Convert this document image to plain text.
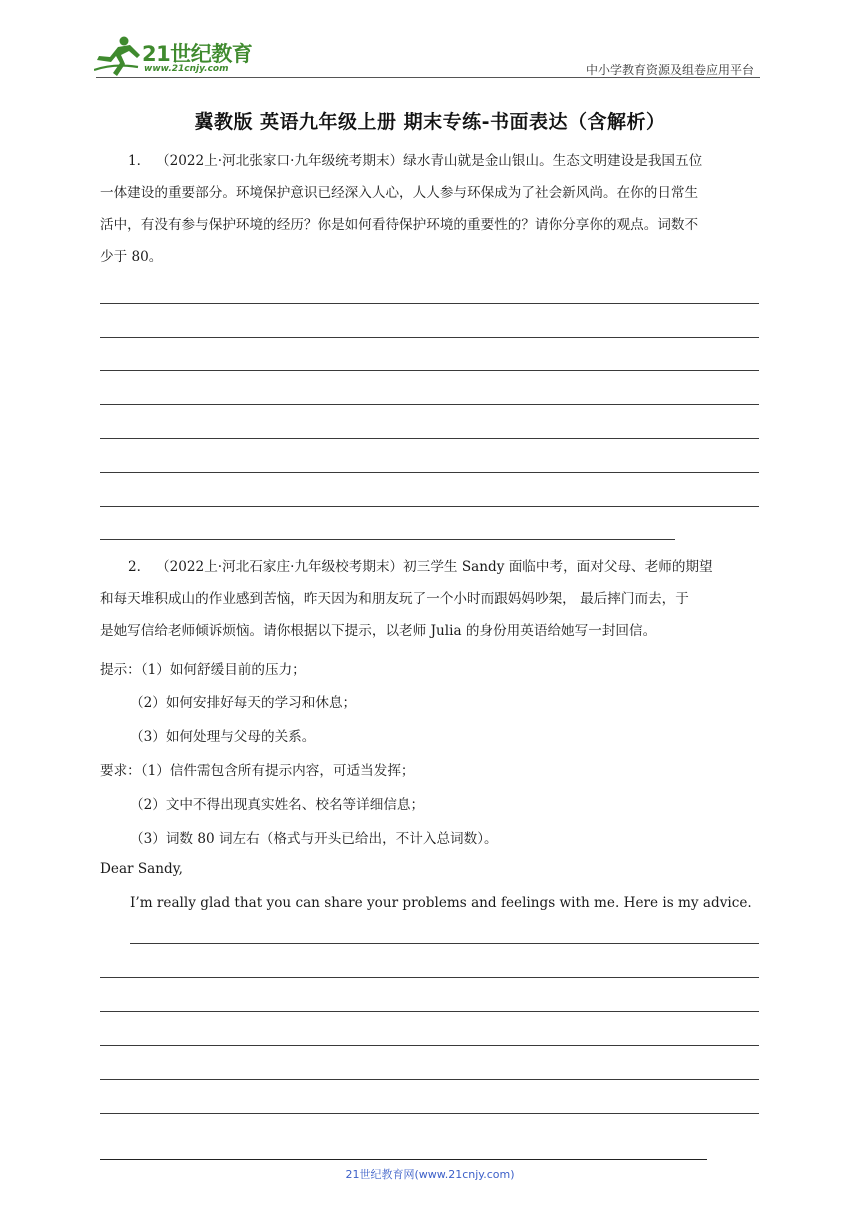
21世纪教育
www.21cnjy.com	中小学教育资源及组卷应用平台
冀教版 英语九年级上册 期末专练-书面表达（含解析）
1． （2022上·河北张家口·九年级统考期末）绿水青山就是金山银山。生态文明建设是我国五位
一体建设的重要部分。环境保护意识已经深入人心，人人参与环保成为了社会新风尚。在你的日常生
活中，有没有参与保护环境的经历？你是如何看待保护环境的重要性的？请你分享你的观点。词数不
少于 80。
2． （2022上·河北石家庄·九年级校考期末）初三学生 Sandy 面临中考，面对父母、老师的期望
和每天堆积成山的作业感到苦恼，昨天因为和朋友玩了一个小时而跟妈妈吵架， 最后摔门而去，于
是她写信给老师倾诉烦恼。请你根据以下提示，以老师 Julia 的身份用英语给她写一封回信。
提示：（1）如何舒缓目前的压力；
（2）如何安排好每天的学习和休息；
（3）如何处理与父母的关系。
要求：（1）信件需包含所有提示内容，可适当发挥；
（2）文中不得出现真实姓名、校名等详细信息；
（3）词数 80 词左右（格式与开头已给出，不计入总词数）。
Dear Sandy,
I’m really glad that you can share your problems and feelings with me. Here is my advice.
21世纪教育网(www.21cnjy.com)
